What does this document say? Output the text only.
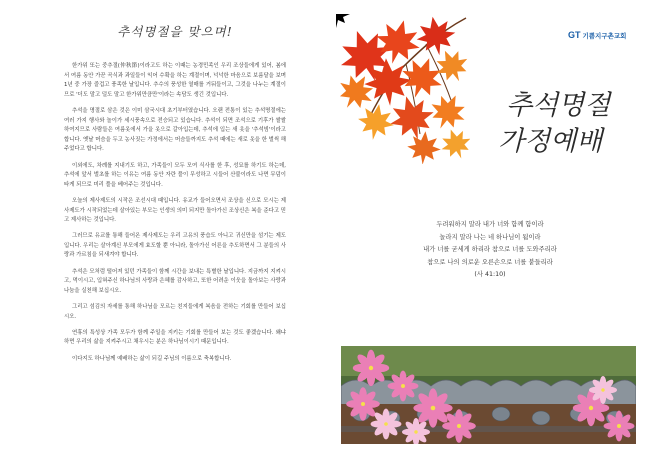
추석명절을 맞으며!

한가위 또는 중추절(仲秋節)이라고도 하는 이때는 농경민족인 우리 조상들에게 있어, 봄에서 여름 동안 가꾼 곡식과 과일들이 익어 수확을 하는 계절이며, 넉넉한 마음으로 보름달을 보며 1년 중 가장 즐겁고 풍족한 날입니다. 추수의 풍성한 열매를 거둬들이고, 그것을 나누는 계절이므로 '더도 말고 덜도 말고 한가위만큼만'이라는 속담도 생긴 것입니다.

추석을 명절로 삼은 것은 이미 삼국시대 초기부터였습니다. 오랜 전통이 있는 추석명절에는 여러 가지 행사와 놀이가 세시풍속으로 전승되고 있습니다. 추석이 되면 조석으로 기후가 쌀쌀하여지므로 사람들은 여름옷에서 가을 옷으로 갈아입는데, 추석에 입는 새 옷을 '추석빔'이라고 합니다. 옛날 머슴을 두고 농사짓는 가정에서는 머슴들까지도 추석 때에는 새로 옷을 한 벌씩 해주었다고 합니다.

이외에도, 차례를 지내기도 하고, 가족들이 모두 모여 식사를 한 후, 성묘를 하기도 하는데, 추석에 앞서 벌초를 하는 이유는 여름 동안 자란 풀이 무성하고 시들어 산불이라도 나면 무덤이 타게 되므로 미리 풀을 베어주는 것입니다.

오늘의 제사제도의 시작은 조선시대 때입니다. 유교가 들어오면서 조상을 신으로 모시는 제사제도가 시작되었는데 살아있는 부모는 인생의 의미 되지만 돌아가신 조상신은 복을 준다고 믿고 제사하는 것입니다.

그러므로 유교를 통해 들어온 제사제도는 우리 고유의 풍습도 아니고 귀신만을 섬기는 제도입니다. 우리는 살아계신 부모에게 효도할 뿐 아니라, 돌아가신 어른을 추도하면서 그 분들의 사랑과 가르침을 되새겨야 합니다.

추석은 모처럼 떨어져 있던 가족들이 함께 시간을 보내는 특별한 날입니다. 지금까지 지켜시고, 먹이시고, 입혀주신 하나님의 사랑과 은혜를 감사하고, 또한 어려운 이웃을 돌아보는 사랑과 나눔을 실천해 보십시오.

그리고 섬김의 자세를 통해 하나님을 모르는 친지들에게 복음을 전하는 기회를 만들어 보십시오.

연휴의 특성상 가족 모두가 함께 주일을 지키는 기회를 만들어 보는 것도 좋겠습니다. 왜냐하면 우리의 삶을 지켜주시고 채우시는 분은 하나님이시기 때문입니다.

이다지도 하나님께 예배하는 삶이 되길 주님의 이름으로 축복합니다.

GT 기쁨지구촌교회
추석명절
가정예배

두려워하지 말라 내가 너와 함께 함이라

놀라지 말라 나는 네 하나님이 됨이라

내가 너를 굳세게 하리라 참으로 너를 도와주리라

참으로 나의 의로운 오른손으로 너를 붙들리라

(사 41:10)
